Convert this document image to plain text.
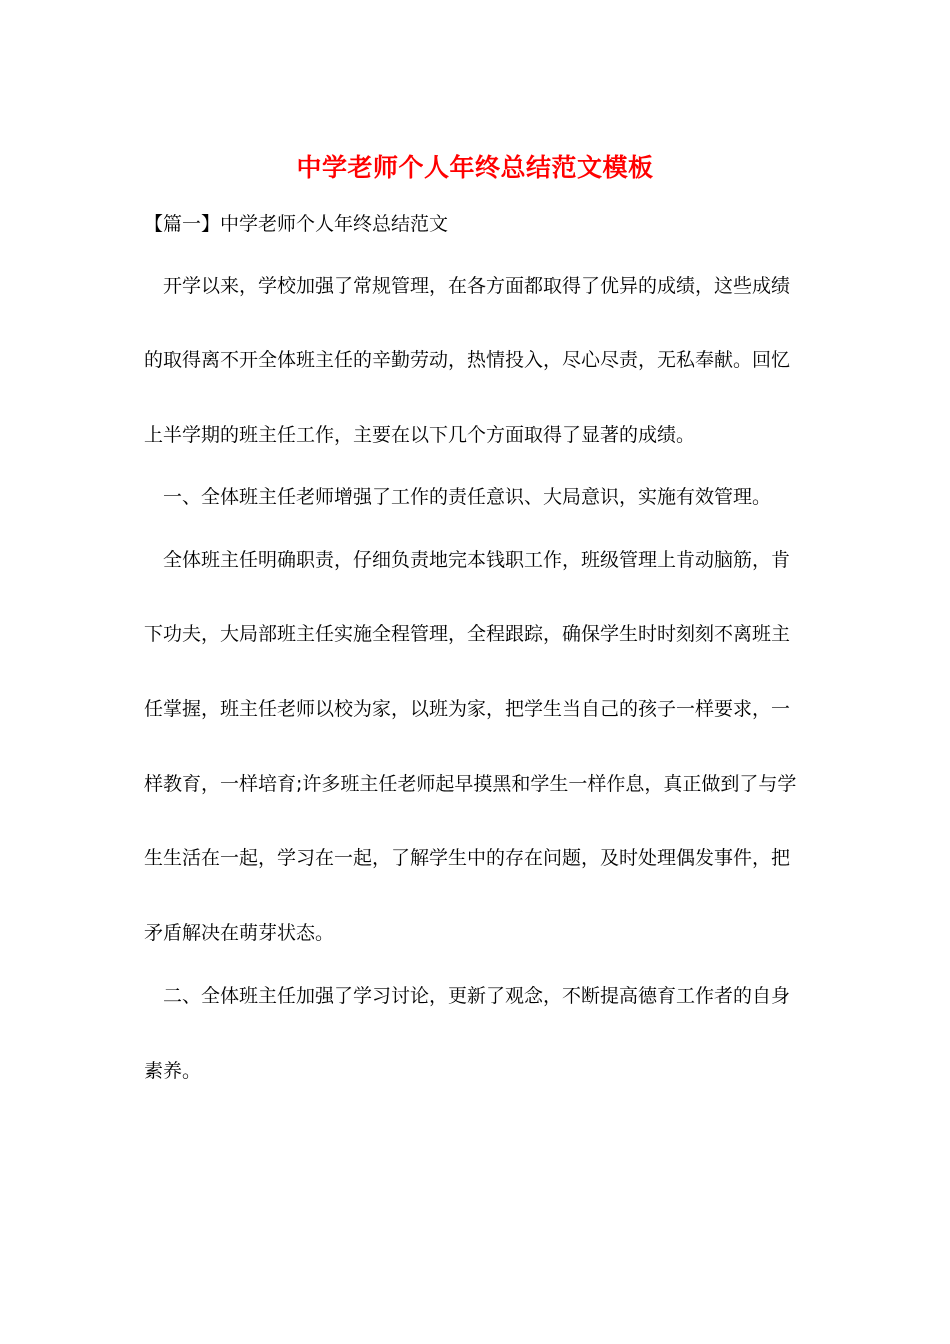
中学老师个人年终总结范文模板

【篇一】中学老师个人年终总结范文

开学以来，学校加强了常规管理，在各方面都取得了优异的成绩，这些成绩

的取得离不开全体班主任的辛勤劳动，热情投入，尽心尽责，无私奉献。回忆

上半学期的班主任工作，主要在以下几个方面取得了显著的成绩。

一、全体班主任老师增强了工作的责任意识、大局意识，实施有效管理。

全体班主任明确职责，仔细负责地完本钱职工作，班级管理上肯动脑筋，肯

下功夫，大局部班主任实施全程管理，全程跟踪，确保学生时时刻刻不离班主

任掌握，班主任老师以校为家，以班为家，把学生当自己的孩子一样要求，一

样教育，一样培育;许多班主任老师起早摸黑和学生一样作息，真正做到了与学

生生活在一起，学习在一起，了解学生中的存在问题，及时处理偶发事件，把

矛盾解决在萌芽状态。

二、全体班主任加强了学习讨论，更新了观念，不断提高德育工作者的自身

素养。
